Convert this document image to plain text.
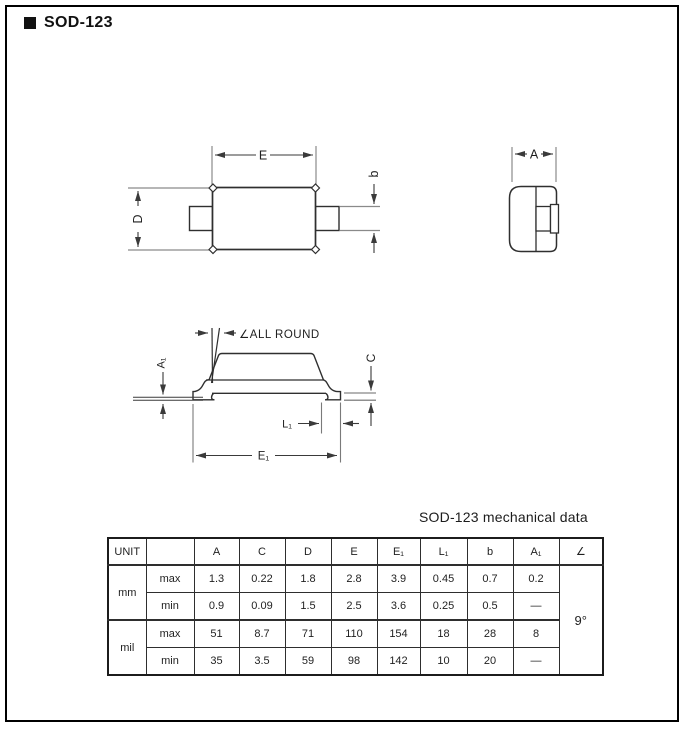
SOD-123
E
D
b
A
∠ALL ROUND
A₁	C
L₁
E₁
SOD-123 mechanical data
UNIT		A	C	D	E	E₁	L₁	b	A₁	∠
mm	max	1.3	0.22	1.8	2.8	3.9	0.45	0.7	0.2	9°
	min	0.9	0.09	1.5	2.5	3.6	0.25	0.5	—	
mil	max	51	8.7	71	110	154	18	28	8	
	min	35	3.5	59	98	142	10	20	—	
